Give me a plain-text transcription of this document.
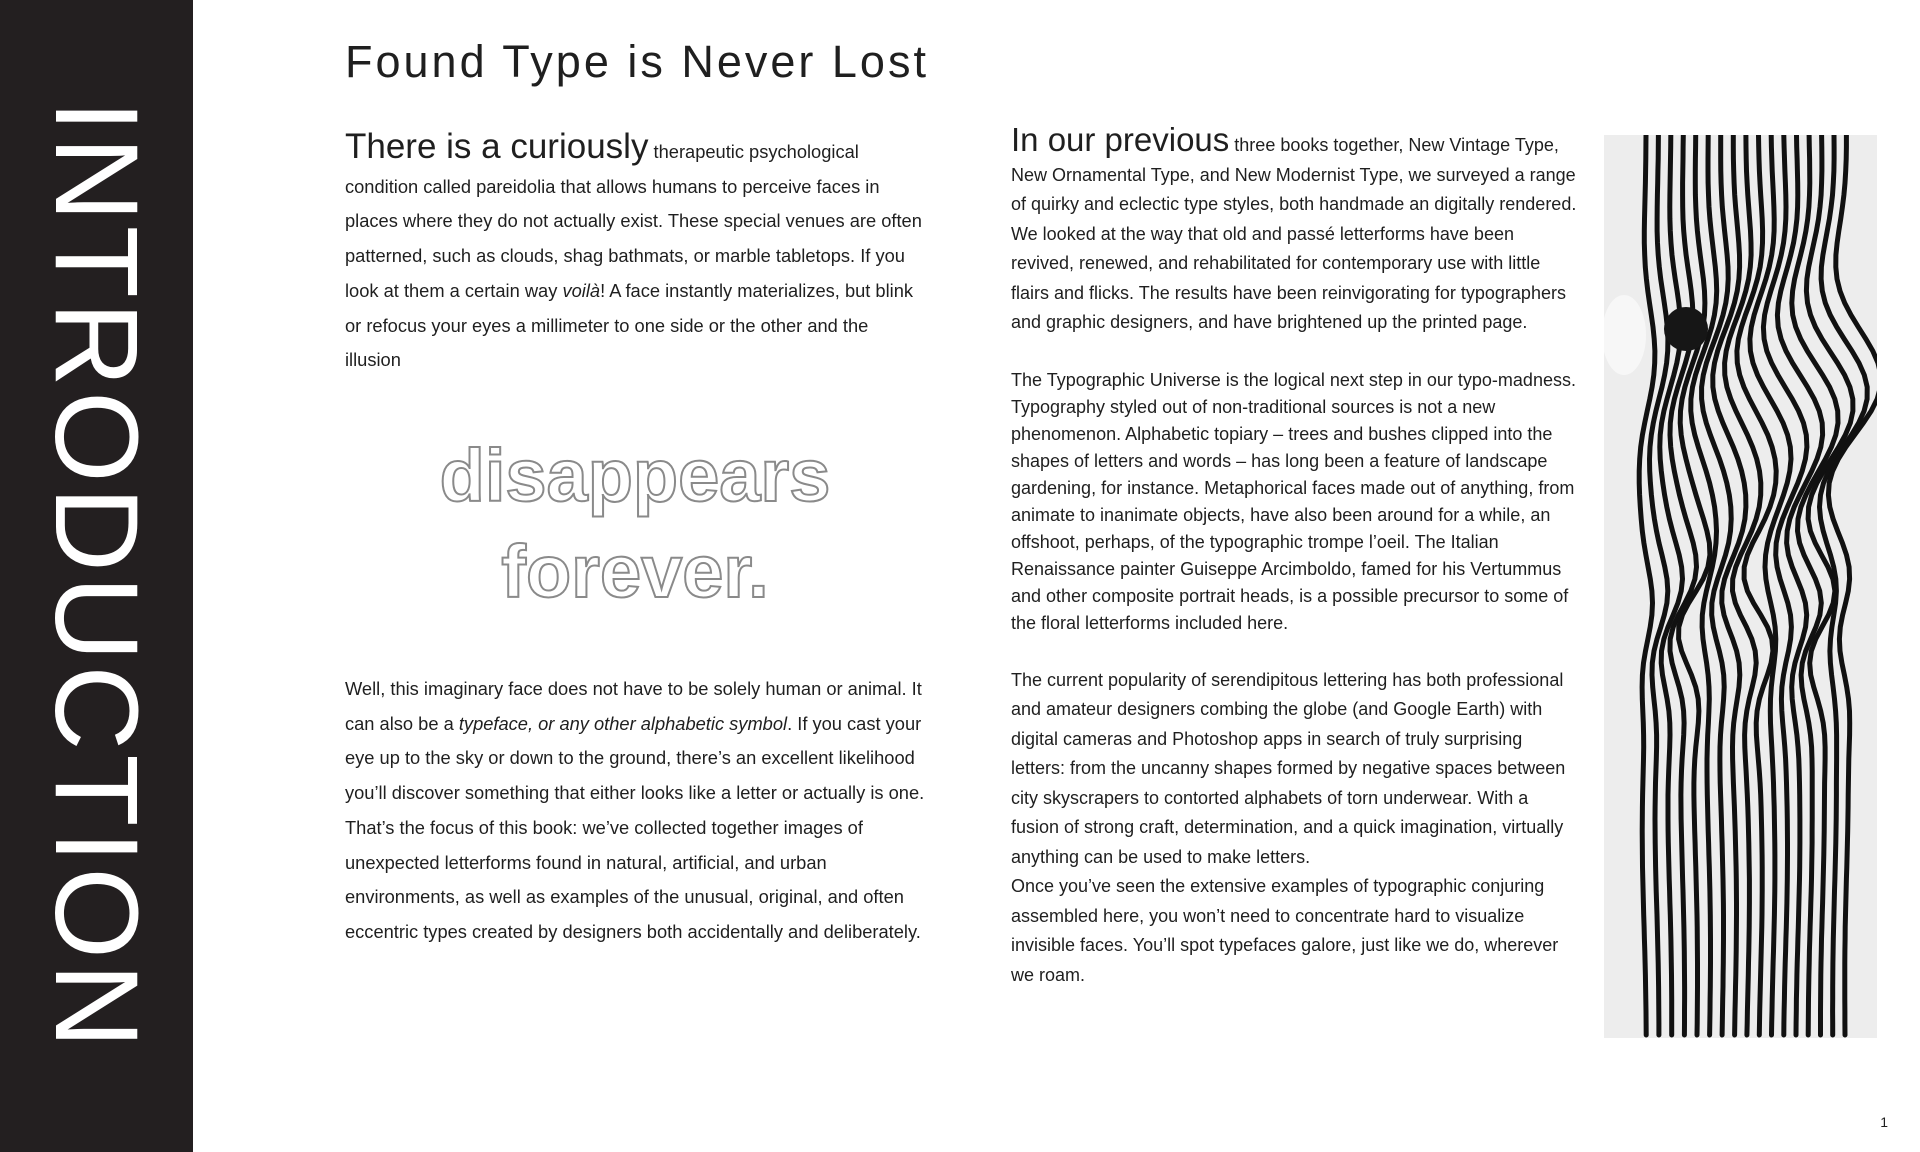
INTRODUCTION
Found Type is Never Lost

There is a curiously therapeutic psychological condition called pareidolia that allows humans to perceive faces in places where they do not actually exist. These special venues are often patterned, such as clouds, shag bathmats, or marble tabletops. If you look at them a certain way voilà! A face instantly materializes, but blink or refocus your eyes a millimeter to one side or the other and the illusion

disappears
forever.

Well, this imaginary face does not have to be solely human or animal. It can also be a typeface, or any other alphabetic symbol. If you cast your eye up to the sky or down to the ground, there’s an excellent likelihood you’ll discover something that either looks like a letter or actually is one. That’s the focus of this book: we’ve collected together images of unexpected letterforms found in natural, artificial, and urban environments, as well as examples of the unusual, original, and often eccentric types created by designers both accidentally and deliberately.

In our previous three books together, New Vintage Type, New Ornamental Type, and New Modernist Type, we surveyed a range of quirky and eclectic type styles, both handmade an digitally rendered. We looked at the way that old and passé letterforms have been revived, renewed, and rehabilitated for contemporary use with little flairs and flicks. The results have been reinvigorating for typographers and graphic designers, and have brightened up the printed page.

The Typographic Universe is the logical next step in our typo-madness. Typography styled out of non-traditional sources is not a new phenomenon. Alphabetic topiary – trees and bushes clipped into the shapes of letters and words – has long been a feature of landscape gardening, for instance. Metaphorical faces made out of anything, from animate to inanimate objects, have also been around for a while, an offshoot, perhaps, of the typographic trompe l’oeil. The Italian Renaissance painter Guiseppe Arcimboldo, famed for his Vertummus and other composite portrait heads, is a possible precursor to some of the floral letterforms included here.

The current popularity of serendipitous lettering has both professional and amateur designers combing the globe (and Google Earth) with digital cameras and Photoshop apps in search of truly surprising letters: from the uncanny shapes formed by negative spaces between city skyscrapers to contorted alphabets of torn underwear. With a fusion of strong craft, determination, and a quick imagination, virtually anything can be used to make letters.

Once you’ve seen the extensive examples of typographic conjuring assembled here, you won’t need to concentrate hard to visualize invisible faces. You’ll spot typefaces galore, just like we do, wherever we roam.

1
